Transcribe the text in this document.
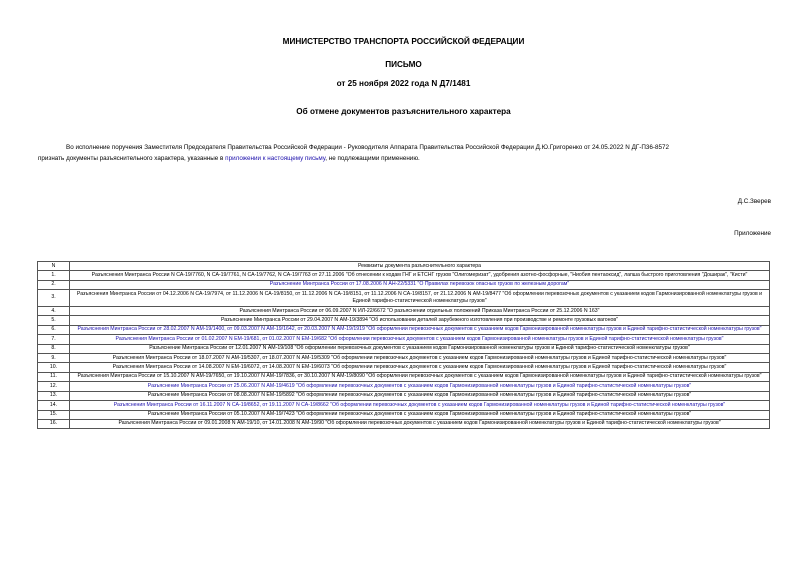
МИНИСТЕРСТВО ТРАНСПОРТА РОССИЙСКОЙ ФЕДЕРАЦИИ
ПИСЬМО
от 25 ноября 2022 года N Д7/1481
Об отмене документов разъяснительного характера
Во исполнение поручения Заместителя Председателя Правительства Российской Федерации - Руководителя Аппарата Правительства Российской Федерации Д.Ю.Григоренко от 24.05.2022 N ДГ-П36-8572
признать документы разъяснительного характера, указанные в приложении к настоящему письму, не подлежащими применению.
Д.С.Зверев
Приложение
N	Реквизиты документа разъяснительного характера
1.	Разъяснения Минтранса России N СА-19/7760, N СА-19/7761, N СА-19/7762, N СА-19/7763 от 27.11.2006 "Об отнесении к кодам ГНГ и ЕТСНГ грузов "Олигомеризат", удобрения азотно-фосфорные, "Ниобия пентаоксид", лапша быстрого приготовления "Доширак", "Кисти"
2.	Разъяснение Минтранса России от 17.08.2006 N АН-22/5331 "О Правилах перевозок опасных грузов по железным дорогам"
3.	Разъяснения Минтранса России от 04.12.2006 N СА-19/7974, от 11.12.2006 N СА-19/8150, от 11.12.2006 N СА-19/8151, от 11.12.2006 N СА-19/8157, от 21.12.2006 N АМ-19/8477 "Об оформлении перевозочных документов с указанием кодов Гармонизированной номенклатуры грузов и Единой тарифно-статистической номенклатуры грузов"
4.	Разъяснения Минтранса России от 06.09.2007 N ИЛ-22/6672 "О разъяснении отдельных положений Приказа Минтранса России от 25.12.2006 N 163"
5.	Разъяснение Минтранса России от 29.04.2007 N АМ-19/3894 "Об использовании деталей зарубежного изготовления при производстве и ремонте грузовых вагонов"
6.	Разъяснения Минтранса России от 28.02.2007 N АМ-19/1400, от 09.03.2007 N АМ-19/1642, от 20.03.2007 N АМ-19/1919 "Об оформлении перевозочных документов с указанием кодов Гармонизированной номенклатуры грузов и Единой тарифно-статистической номенклатуры грузов"
7.	Разъяснения Минтранса России от 01.02.2007 N ЕМ-19/681, от 01.02.2007 N ЕМ-19/682 "Об оформлении перевозочных документов с указанием кодов Гармонизированной номенклатуры грузов и Единой тарифно-статистической номенклатуры грузов"
8.	Разъяснение Минтранса России от 12.01.2007 N АМ-19/108 "Об оформлении перевозочных документов с указанием кодов Гармонизированной номенклатуры грузов и Единой тарифно-статистической номенклатуры грузов"
9.	Разъяснения Минтранса России от 18.07.2007 N АМ-19/5307, от 18.07.2007 N АМ-19/5309 "Об оформлении перевозочных документов с указанием кодов Гармонизированной номенклатуры грузов и Единой тарифно-статистической номенклатуры грузов"
10.	Разъяснения Минтранса России от 14.08.2007 N ЕМ-19/6072, от 14.08.2007 N ЕМ-19/6073 "Об оформлении перевозочных документов с указанием кодов Гармонизированной номенклатуры грузов и Единой тарифно-статистической номенклатуры грузов"
11.	Разъяснения Минтранса России от 15.10.2007 N АМ-19/7650, от 19.10.2007 N АМ-19/7836, от 30.10.2007 N АМ-19/8090 "Об оформлении перевозочных документов с указанием кодов Гармонизированной номенклатуры грузов и Единой тарифно-статистической номенклатуры грузов"
12.	Разъяснение Минтранса России от 25.06.2007 N АМ-19/4619 "Об оформлении перевозочных документов с указанием кодов Гармонизированной номенклатуры грузов и Единой тарифно-статистической номенклатуры грузов"
13.	Разъяснение Минтранса России от 08.08.2007 N ЕМ-19/5892 "Об оформлении перевозочных документов с указанием кодов Гармонизированной номенклатуры грузов и Единой тарифно-статистической номенклатуры грузов"
14.	Разъяснения Минтранса России от 16.11.2007 N СА-19/8652, от 19.11.2007 N СА-19/8662 "Об оформлении перевозочных документов с указанием кодов Гармонизированной номенклатуры грузов и Единой тарифно-статистической номенклатуры грузов"
15.	Разъяснение Минтранса России от 05.10.2007 N АМ-19/7423 "Об оформлении перевозочных документов с указанием кодов Гармонизированной номенклатуры грузов и Единой тарифно-статистической номенклатуры грузов"
16.	Разъяснения Минтранса России от 09.01.2008 N АМ-19/10, от 14.01.2008 N АМ-19/90 "Об оформлении перевозочных документов с указанием кодов Гармонизированной номенклатуры грузов и Единой тарифно-статистической номенклатуры грузов"
